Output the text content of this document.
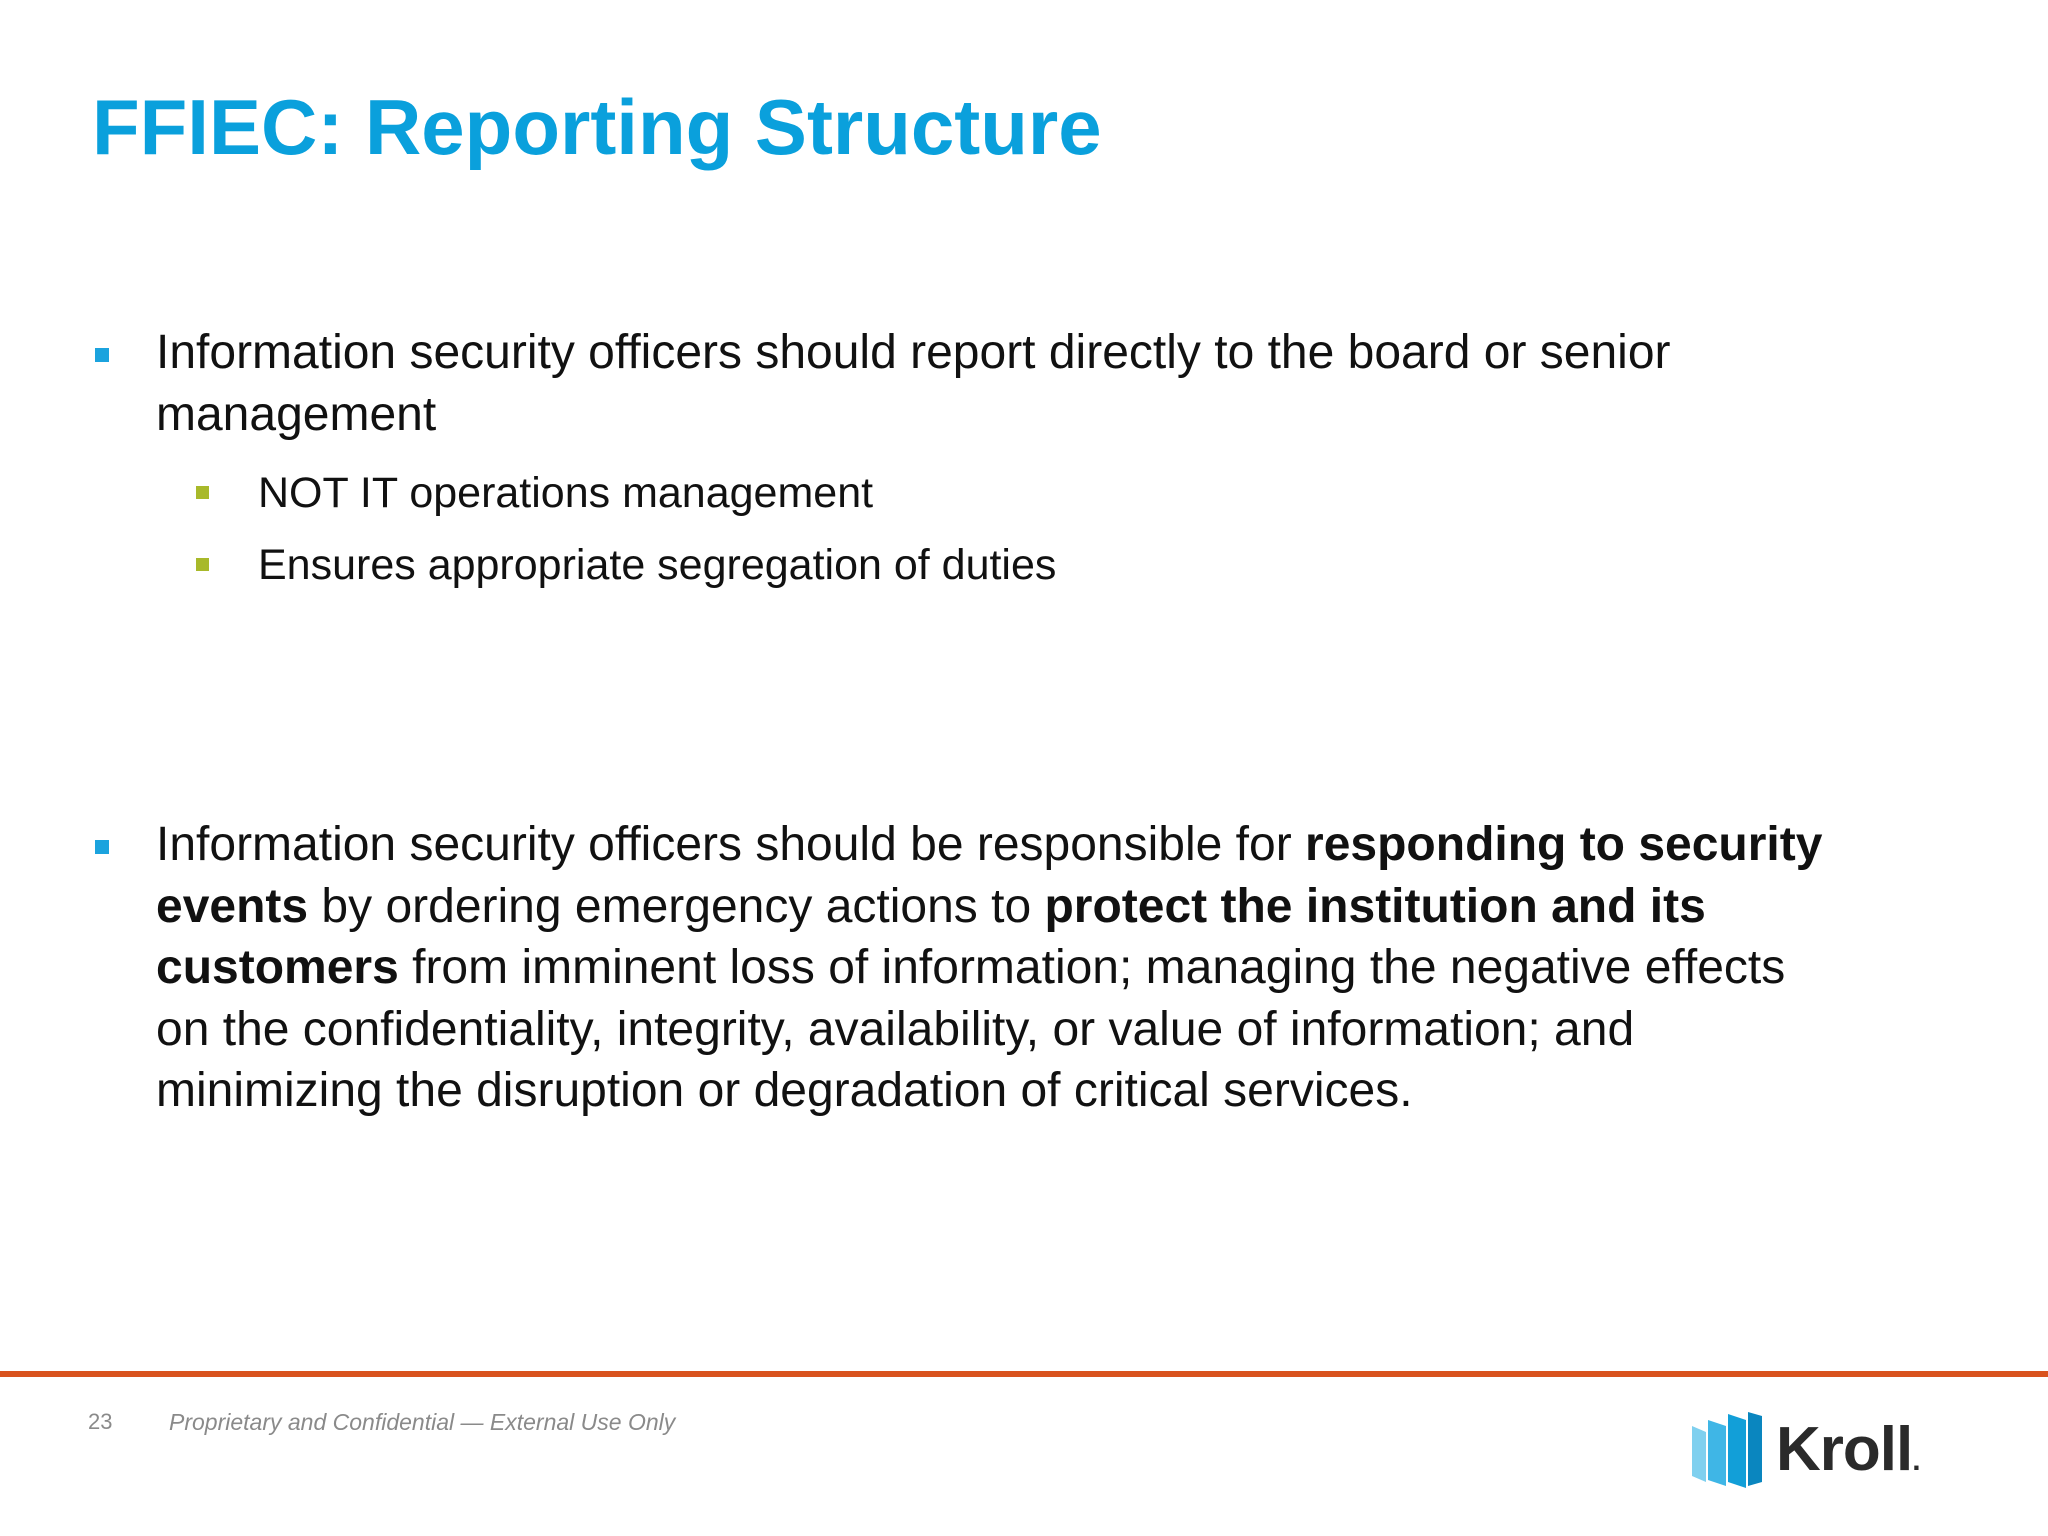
FFIEC: Reporting Structure
Information security officers should report directly to the board or senior
management
NOT IT operations management
Ensures appropriate segregation of duties
Information security officers should be responsible for responding to security
events by ordering emergency actions to protect the institution and its
customers from imminent loss of information; managing the negative effects
on the confidentiality, integrity, availability, or value of information; and
minimizing the disruption or degradation of critical services.
23 Proprietary and Confidential — External Use Only	Kroll.
